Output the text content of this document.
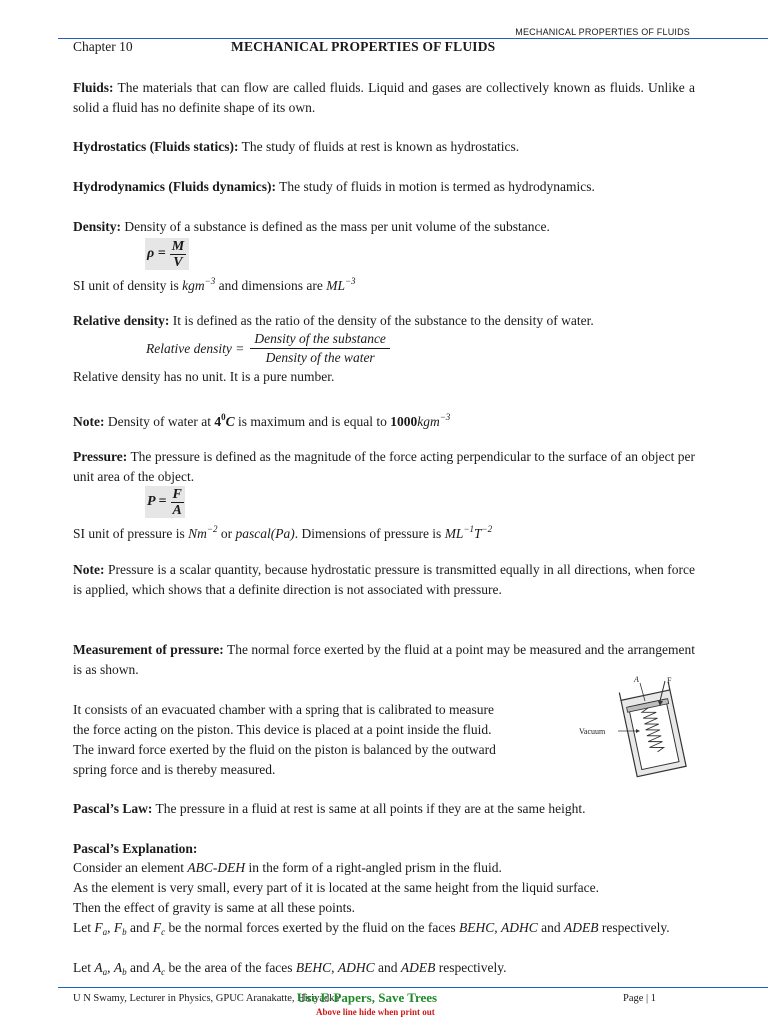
MECHANICAL PROPERTIES OF FLUIDS
Chapter 10	MECHANICAL PROPERTIES OF FLUIDS
Fluids: The materials that can flow are called fluids. Liquid and gases are collectively known as fluids. Unlike a solid a fluid has no definite shape of its own.
Hydrostatics (Fluids statics): The study of fluids at rest is known as hydrostatics.
Hydrodynamics (Fluids dynamics): The study of fluids in motion is termed as hydrodynamics.
Density: Density of a substance is defined as the mass per unit volume of the substance.
$\rho = \frac{M}{V}$
SI unit of density is kgm$^{-3}$ and dimensions are $ML^{-3}$
Relative density: It is defined as the ratio of the density of the substance to the density of water.
Relative density = $\frac{\text{Density of the substance}}{\text{Density of the water}}$
Relative density has no unit. It is a pure number.
Note: Density of water at $4^0C$ is maximum and is equal to 1000kgm$^{-3}$
Pressure: The pressure is defined as the magnitude of the force acting perpendicular to the surface of an object per unit area of the object.
$P = \frac{F}{A}$
SI unit of pressure is $Nm^{-2}$ or pascal(Pa). Dimensions of pressure is $ML^{-1}T^{-2}$
Note: Pressure is a scalar quantity, because hydrostatic pressure is transmitted equally in all directions, when force is applied, which shows that a definite direction is not associated with pressure.
Measurement of pressure: The normal force exerted by the fluid at a point may be measured and the arrangement is as shown.
It consists of an evacuated chamber with a spring that is calibrated to measure
the force acting on the piston. This device is placed at a point inside the fluid.
The inward force exerted by the fluid on the piston is balanced by the outward
spring force and is thereby measured.
A	F
Vacuum
Pascal’s Law: The pressure in a fluid at rest is same at all points if they are at the same height.
Pascal’s Explanation:
Consider an element ABC-DEH in the form of a right-angled prism in the fluid.
As the element is very small, every part of it is located at the same height from the liquid surface.
Then the effect of gravity is same at all these points.
Let $F_a$, $F_b$ and $F_c$ be the normal forces exerted by the fluid on the faces BEHC, ADHC and ADEB respectively.
Let $A_a$, $A_b$ and $A_c$ be the area of the faces BEHC, ADHC and ADEB respectively.
U N Swamy, Lecturer in Physics, GPUC Aranakatte, Hiriyadka
Use E-Papers, Save Trees
Above line hide when print out
Page | 1
